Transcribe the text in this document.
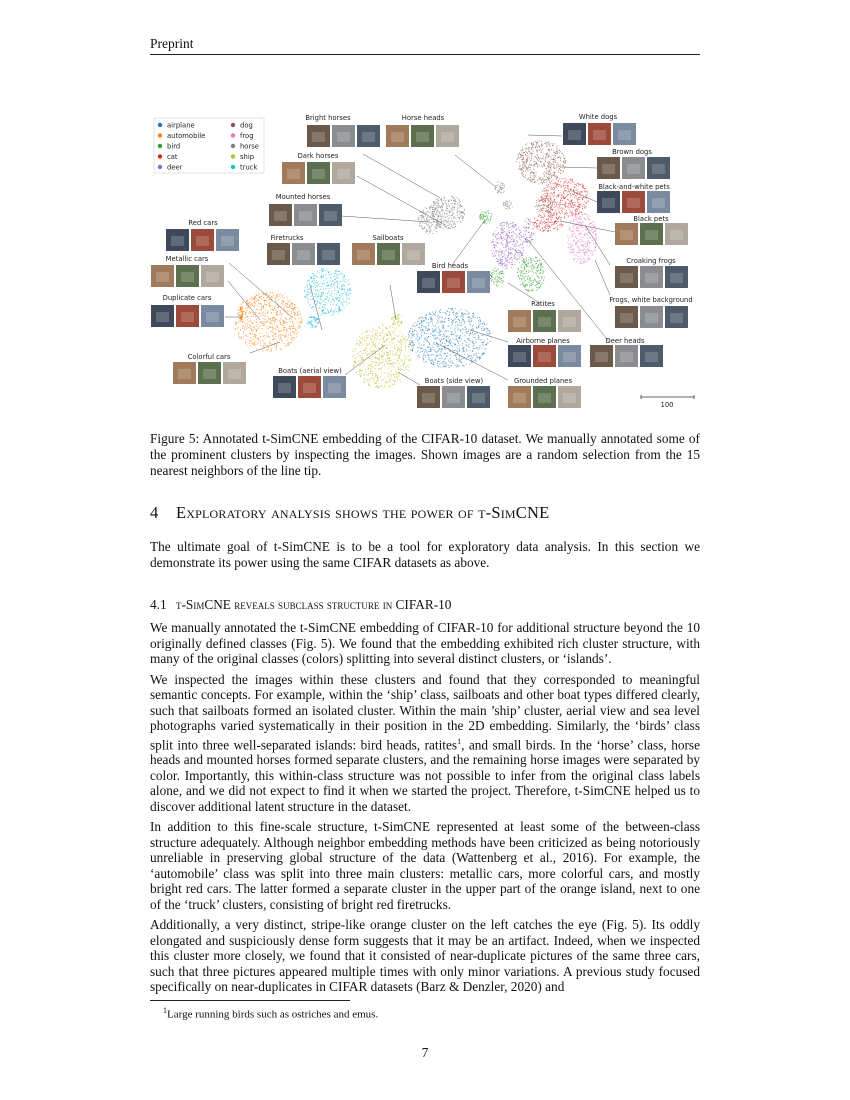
Preprint
Bright horses	Horse heads	White dogs
Brown dogs
Dark horses
Black-and-white pets
Mounted horses
Black pets
Red cars
Firetrucks	Sailboats
Bird heads
Croaking frogs
Metallic cars
Duplicate cars	Frogs, white background
Ratites
Airborne planes	Deer heads
Colorful cars
Boats (aerial view)
Boats (side view)	Grounded planes
airplane
automobile
bird
cat
deer
dog
frog
horse
ship
truck
100
Figure 5: Annotated t-SimCNE embedding of the CIFAR-10 dataset. We manually annotated some of the prominent clusters by inspecting the images. Shown images are a random selection from the 15 nearest neighbors of the line tip.
4 Exploratory analysis shows the power of t-SimCNE
The ultimate goal of t-SimCNE is to be a tool for exploratory data analysis. In this section we demonstrate its power using the same CIFAR datasets as above.
4.1 t-SimCNE reveals subclass structure in CIFAR-10

We manually annotated the t-SimCNE embedding of CIFAR-10 for additional structure beyond the 10 originally defined classes (Fig. 5). We found that the embedding exhibited rich cluster structure, with many of the original classes (colors) splitting into several distinct clusters, or ‘islands’.

We inspected the images within these clusters and found that they corresponded to meaningful semantic concepts. For example, within the ‘ship’ class, sailboats and other boat types differed clearly, such that sailboats formed an isolated cluster. Within the main ’ship’ cluster, aerial view and sea level photographs varied systematically in their position in the 2D embedding. Similarly, the ‘birds’ class split into three well-separated islands: bird heads, ratites$^1$, and small birds. In the ‘horse’ class, horse heads and mounted horses formed separate clusters, and the remaining horse images were separated by color. Importantly, this within-class structure was not possible to infer from the original class labels alone, and we did not expect to find it when we started the project. Therefore, t-SimCNE helped us to discover additional latent structure in the dataset.

In addition to this fine-scale structure, t-SimCNE represented at least some of the between-class structure adequately. Although neighbor embedding methods have been criticized as being notoriously unreliable in preserving global structure of the data (Wattenberg et al., 2016). For example, the ‘automobile’ class was split into three main clusters: metallic cars, more colorful cars, and mostly bright red cars. The latter formed a separate cluster in the upper part of the orange island, next to one of the ‘truck’ clusters, consisting of bright red firetrucks.

Additionally, a very distinct, stripe-like orange cluster on the left catches the eye (Fig. 5). Its oddly elongated and suspiciously dense form suggests that it may be an artifact. Indeed, when we inspected this cluster more closely, we found that it consisted of near-duplicate pictures of the same three cars, such that three pictures appeared multiple times with only minor variations. A previous study focused specifically on near-duplicates in CIFAR datasets (Barz & Denzler, 2020) and

$^1$Large running birds such as ostriches and emus.
7
